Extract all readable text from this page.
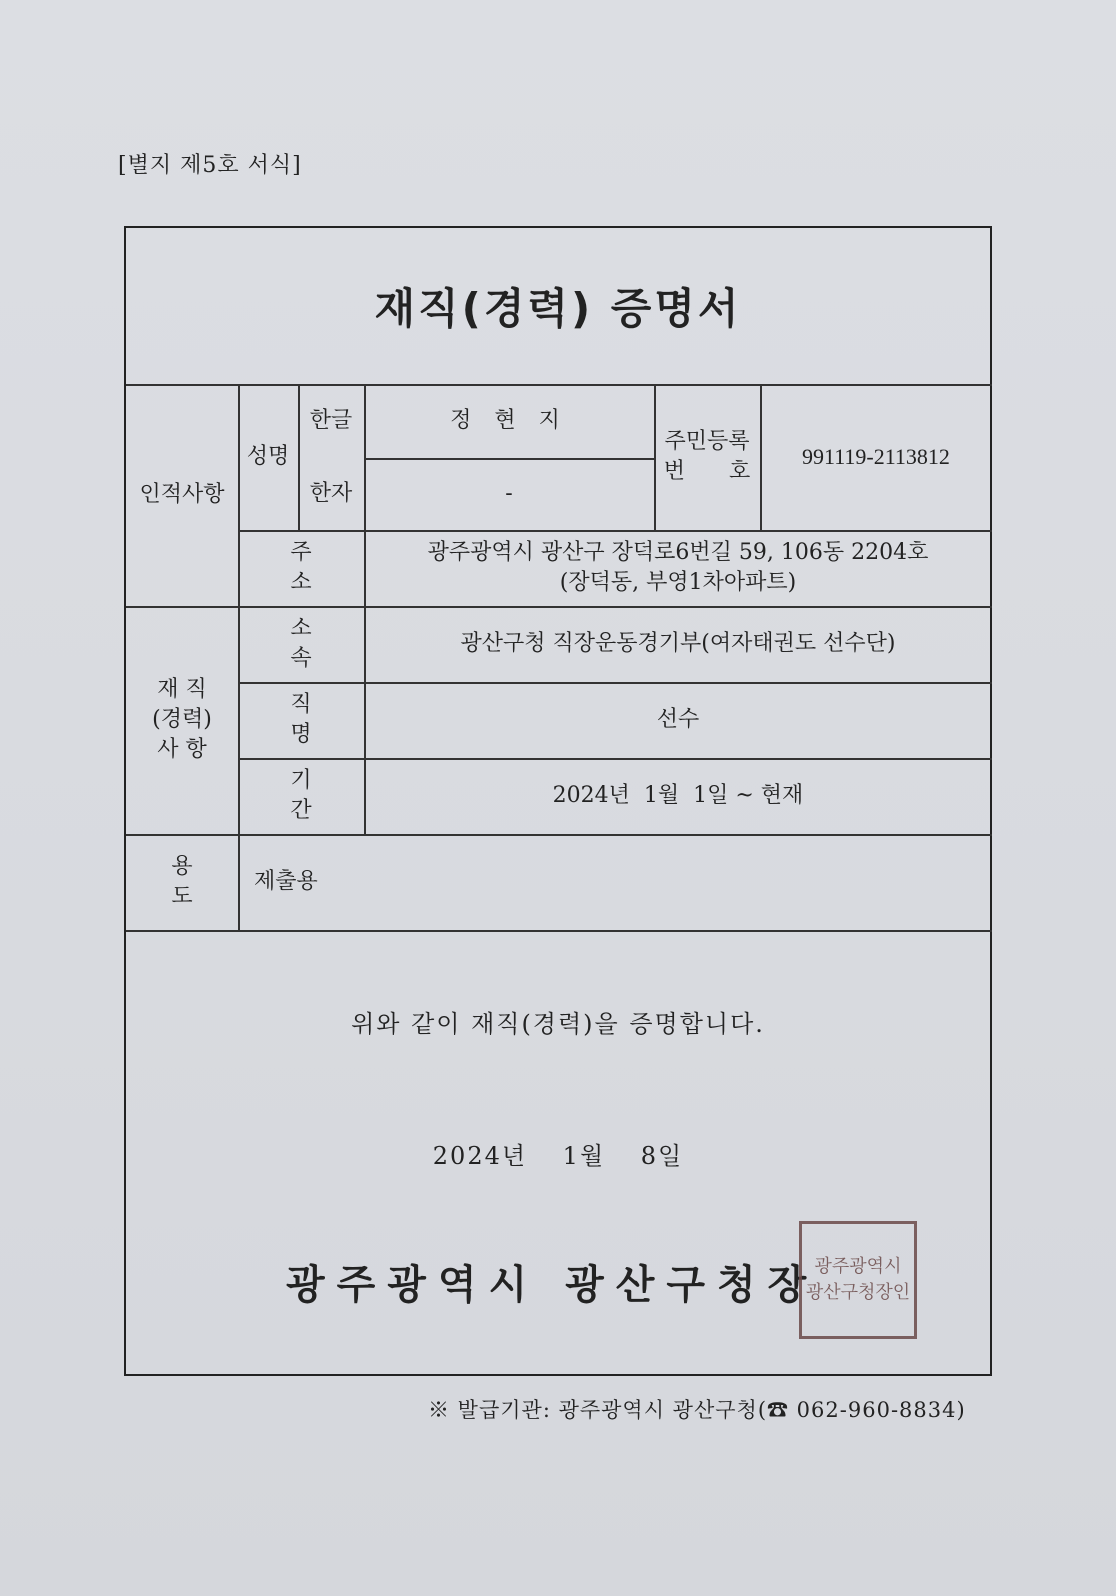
[별지 제5호 서식]
재직(경력) 증명서
인적사항
성명
한글	정 현 지
한자	-
주민등록
번　　호
991119-2113812
주소
광주광역시 광산구 장덕로6번길 59, 106동 2204호
(장덕동, 부영1차아파트)
재 직
(경력)
사 항
소속
광산구청 직장운동경기부(여자태권도 선수단)
직명
선수
기간
2024년  1월  1일 ~ 현재
용도
제출용
위와 같이 재직(경력)을 증명합니다.
2024년　 1월　 8일
광주광역시 광산구청장
광주광역시
광산구청장인
※ 발급기관: 광주광역시 광산구청(☎ 062-960-8834)
